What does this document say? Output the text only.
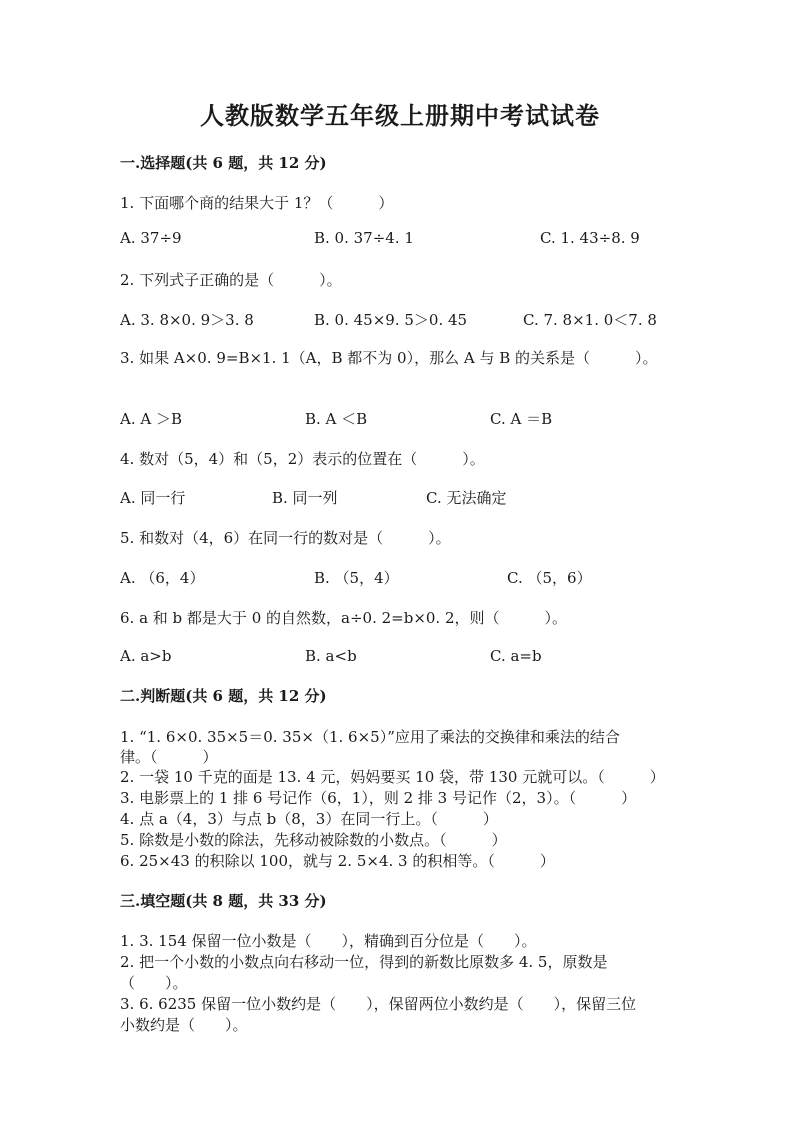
人教版数学五年级上册期中考试试卷
一.选择题(共 6 题，共 12 分)
1. 下面哪个商的结果大于 1？（　　　）
A. 37÷9	B. 0. 37÷4. 1	C. 1. 43÷8. 9
2. 下列式子正确的是（　　　）。
A. 3. 8×0. 9＞3. 8	B. 0. 45×9. 5＞0. 45	C. 7. 8×1. 0＜7. 8
3. 如果 A×0. 9=B×1. 1（A，B 都不为 0），那么 A 与 B 的关系是（　　　）。
A. A ＞B	B. A ＜B	C. A ＝B
4. 数对（5，4）和（5，2）表示的位置在（　　　）。
A. 同一行	B. 同一列	C. 无法确定
5. 和数对（4，6）在同一行的数对是（　　　）。
A. （6，4）	B. （5，4）	C. （5，6）
6. a 和 b 都是大于 0 的自然数，a÷0. 2=b×0. 2，则（　　　）。
A. a>b	B. a<b	C. a=b
二.判断题(共 6 题，共 12 分)
1. “1. 6×0. 35×5＝0. 35×（1. 6×5）”应用了乘法的交换律和乘法的结合
律。（　　　）
2. 一袋 10 千克的面是 13. 4 元，妈妈要买 10 袋，带 130 元就可以。（　　　）
3. 电影票上的 1 排 6 号记作（6，1），则 2 排 3 号记作（2，3）。（　　　）
4. 点 a（4，3）与点 b（8，3）在同一行上。（　　　）
5. 除数是小数的除法，先移动被除数的小数点。（　　　）
6. 25×43 的积除以 100，就与 2. 5×4. 3 的积相等。（　　　）
三.填空题(共 8 题，共 33 分)
1. 3. 154 保留一位小数是（　　），精确到百分位是（　　）。
2. 把一个小数的小数点向右移动一位，得到的新数比原数多 4. 5，原数是
（　　）。
3. 6. 6235 保留一位小数约是（　　），保留两位小数约是（　　），保留三位
小数约是（　　）。
